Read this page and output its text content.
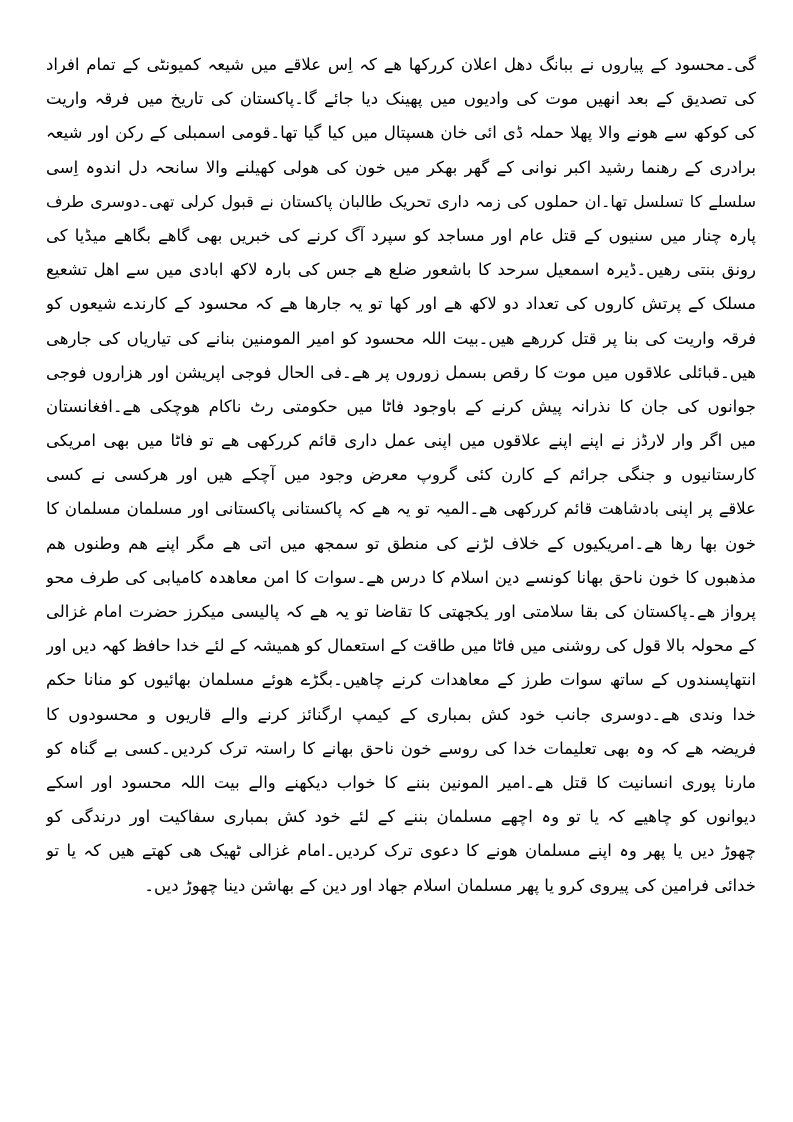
گی۔محسود کے پیاروں نے ببانگ دھل اعلان کررکھا ھے کہ اِس علاقے میں شیعہ کمیونٹی کے تمام افراد
کی تصدیق کے بعد انھیں موت کی وادیوں میں پھینک دیا جائے گا۔پاکستان کی تاریخ میں فرقہ واریت
کی کوکھ سے ھونے والا پھلا حملہ ڈی ائی خان ھسپتال میں کیا گیا تھا۔قومی اسمبلی کے رکن اور شیعہ
برادری کے رھنما رشید اکبر نوانی کے گھر بھکر میں خون کی ھولی کھیلنے والا سانحہ دل اندوہ اِسی
سلسلے کا تسلسل تھا۔ان حملوں کی زمہ داری تحریک طالبان پاکستان نے قبول کرلی تھی۔دوسری طرف
پارہ چنار میں سنیوں کے قتل عام اور مساجد کو سپرد آگ کرنے کی خبریں بھی گاھے بگاھے میڈیا کی
رونق بنتی رھیں۔ڈیرہ اسمعیل سرحد کا باشعور ضلع ھے جس کی بارہ لاکھ ابادی میں سے اھل تشعیع
مسلک کے پرتش کاروں کی تعداد دو لاکھ ھے اور کھا تو یہ جارھا ھے کہ محسود کے کارندے شیعوں کو
فرقہ واریت کی بنا پر قتل کررھے ھیں۔بیت اللہ محسود کو امیر المومنین بنانے کی تیاریاں کی جارھی
ھیں۔قبائلی علاقوں میں موت کا رقص بسمل زوروں پر ھے۔فی الحال فوجی اپریشن اور ھزاروں فوجی
جوانوں کی جان کا نذرانہ پیش کرنے کے باوجود فاٹا میں حکومتی رٹ ناکام ھوچکی ھے۔افغانستان
میں اگر وار لارڈز نے اپنے اپنے علاقوں میں اپنی عمل داری قائم کررکھی ھے تو فاٹا میں بھی امریکی
کارستانیوں و جنگی جرائم کے کارن کئی گروپ معرض وجود میں آچکے ھیں اور ھرکسی نے کسی
علاقے پر اپنی بادشاھت قائم کررکھی ھے۔المیہ تو یہ ھے کہ پاکستانی پاکستانی اور مسلمان مسلمان کا
خون بھا رھا ھے۔امریکیوں کے خلاف لڑنے کی منطق تو سمجھ میں اتی ھے مگر اپنے ھم وطنوں ھم
مذھبوں کا خون ناحق بھانا کونسے دین اسلام کا درس ھے۔سوات کا امن معاھدہ کامیابی کی طرف محو
پرواز ھے۔پاکستان کی بقا سلامتی اور یکجھتی کا تقاضا تو یہ ھے کہ پالیسی میکرز حضرت امام غزالی
کے محولہ بالا قول کی روشنی میں فاٹا میں طاقت کے استعمال کو ھمیشہ کے لئے خدا حافظ کھہ دیں اور
انتھاپسندوں کے ساتھ سوات طرز کے معاھدات کرنے چاھیں۔بگڑے ھوئے مسلمان بھائیوں کو منانا حکم
خدا وندی ھے۔دوسری جانب خود کش بمباری کے کیمپ ارگنائز کرنے والے قاریوں و محسودوں کا
فریضہ ھے کہ وہ بھی تعلیمات خدا کی روسے خون ناحق بھانے کا راستہ ترک کردیں۔کسی بے گناہ کو
مارنا پوری انسانیت کا قتل ھے۔امیر المونین بننے کا خواب دیکھنے والے بیت اللہ محسود اور اسکے
دیوانوں کو چاھیے کہ یا تو وہ اچھے مسلمان بننے کے لئے خود کش بمباری سفاکیت اور درندگی کو
چھوڑ دیں یا پھر وہ اپنے مسلمان ھونے کا دعوی ترک کردیں۔امام غزالی ٹھیک ھی کھتے ھیں کہ یا تو
خدائی فرامین کی پیروی کرو یا پھر مسلمان اسلام جھاد اور دین کے بھاشن دینا چھوڑ دیں۔
